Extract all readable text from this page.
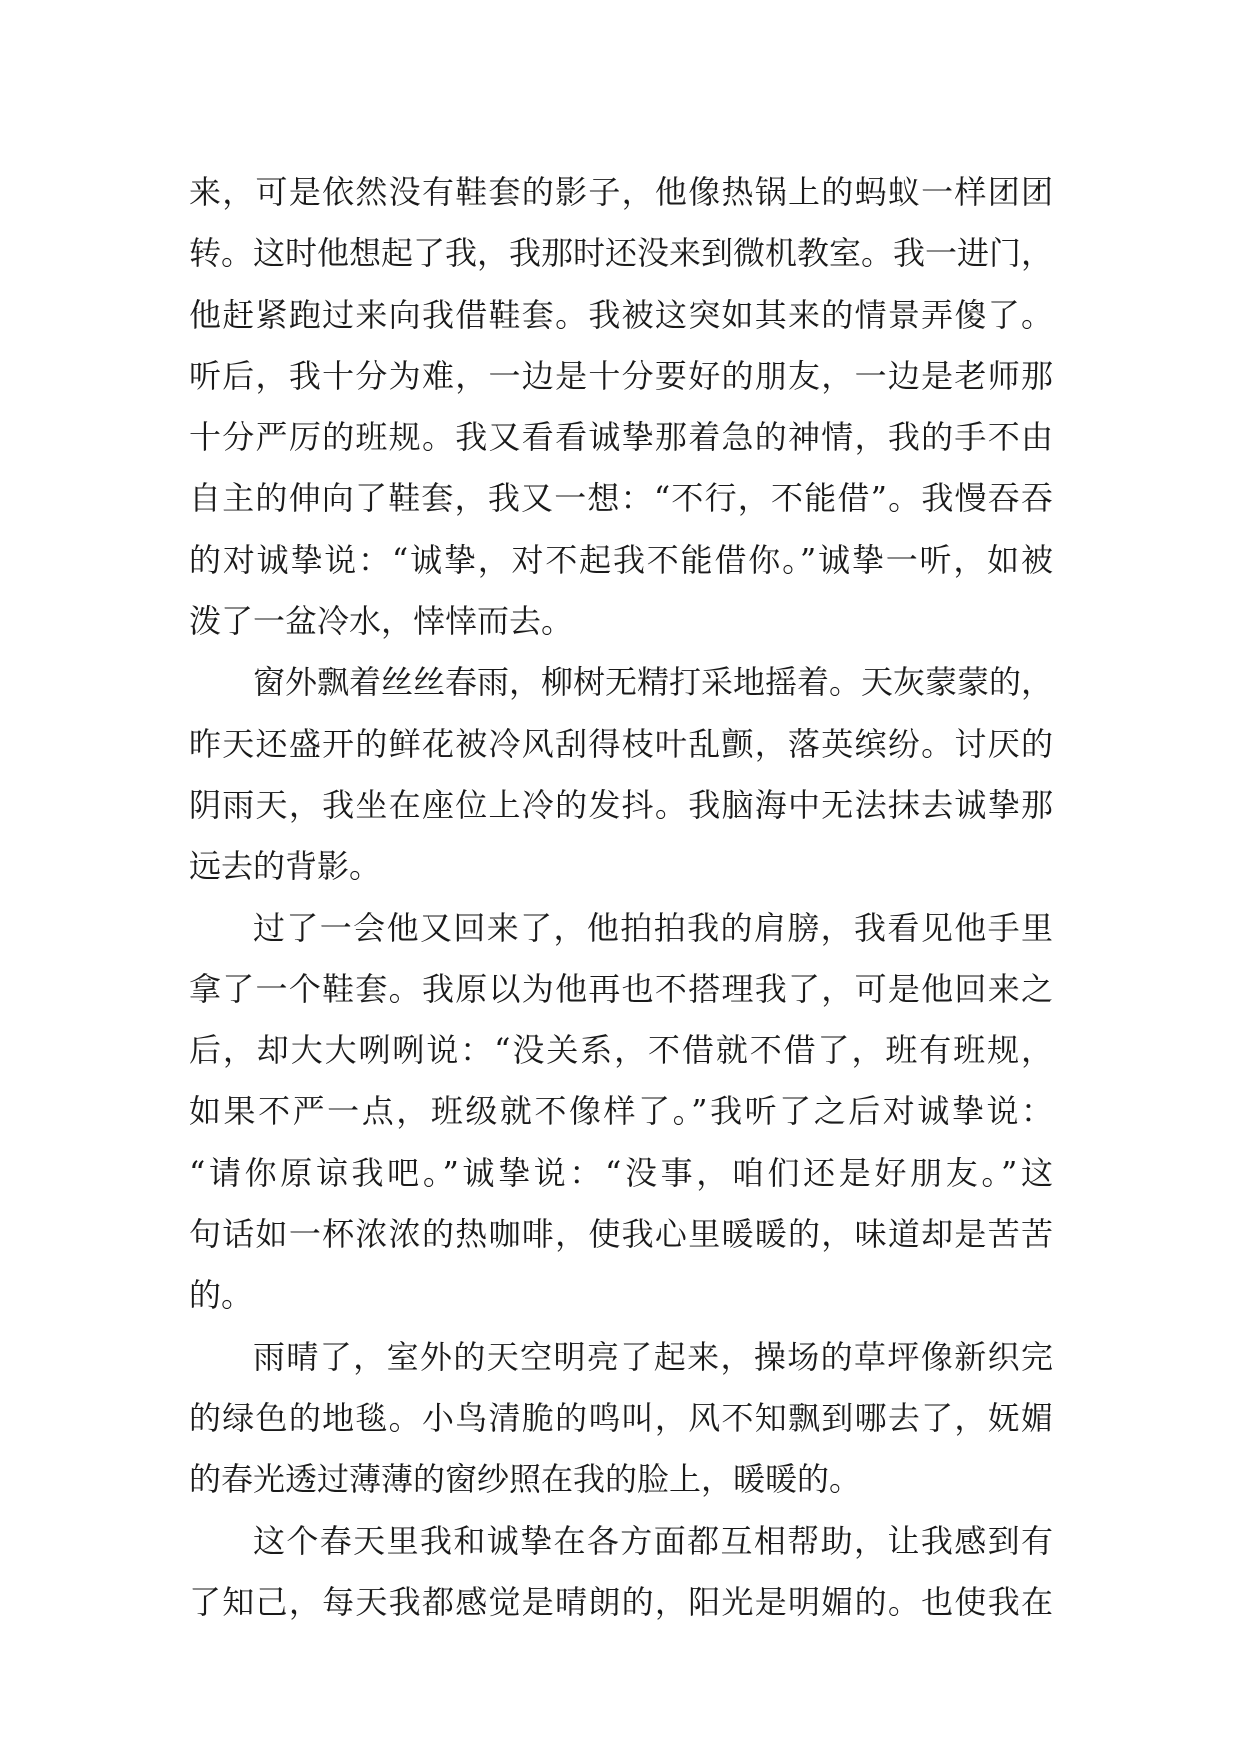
来，可是依然没有鞋套的影子，他像热锅上的蚂蚁一样团团
转。这时他想起了我，我那时还没来到微机教室。我一进门，
他赶紧跑过来向我借鞋套。我被这突如其来的情景弄傻了。
听后，我十分为难，一边是十分要好的朋友，一边是老师那
十分严厉的班规。我又看看诚挚那着急的神情，我的手不由
自主的伸向了鞋套，我又一想：“不行，不能借”。我慢吞吞
的对诚挚说：“诚挚，对不起我不能借你。”诚挚一听，如被
泼了一盆冷水，悻悻而去。
窗外飘着丝丝春雨，柳树无精打采地摇着。天灰蒙蒙的，
昨天还盛开的鲜花被冷风刮得枝叶乱颤，落英缤纷。讨厌的
阴雨天，我坐在座位上冷的发抖。我脑海中无法抹去诚挚那
远去的背影。
过了一会他又回来了，他拍拍我的肩膀，我看见他手里
拿了一个鞋套。我原以为他再也不搭理我了，可是他回来之
后，却大大咧咧说：“没关系，不借就不借了，班有班规，
如果不严一点，班级就不像样了。”我听了之后对诚挚说：
“请你原谅我吧。”诚挚说：“没事，咱们还是好朋友。”这
句话如一杯浓浓的热咖啡，使我心里暖暖的，味道却是苦苦
的。
雨晴了，室外的天空明亮了起来，操场的草坪像新织完
的绿色的地毯。小鸟清脆的鸣叫，风不知飘到哪去了，妩媚
的春光透过薄薄的窗纱照在我的脸上，暖暖的。
这个春天里我和诚挚在各方面都互相帮助，让我感到有
了知己，每天我都感觉是晴朗的，阳光是明媚的。也使我在
